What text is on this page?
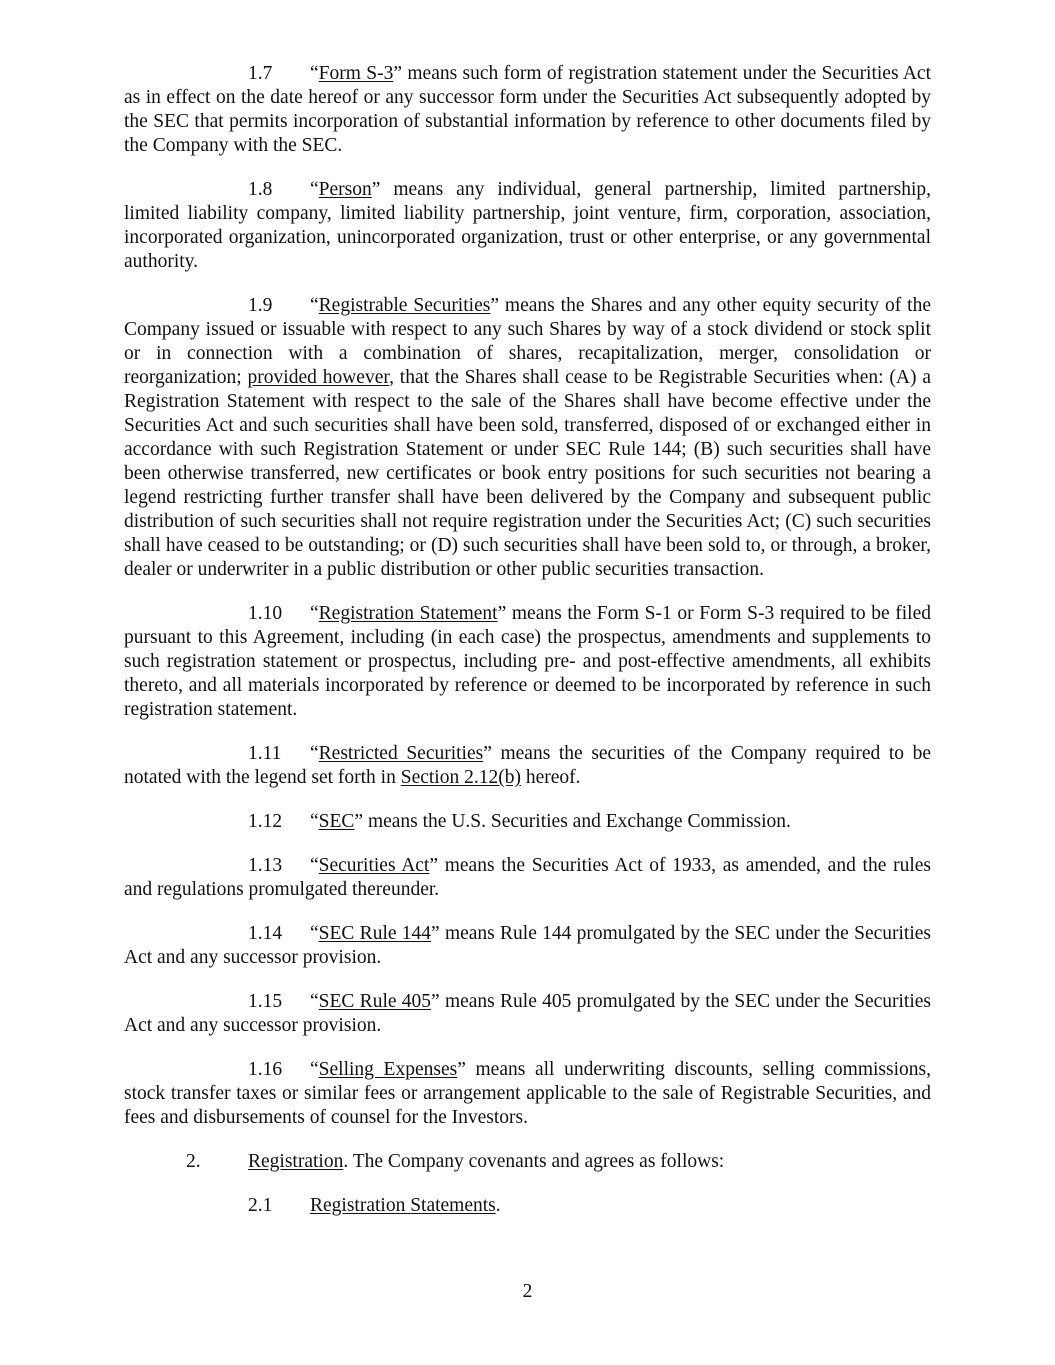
1.7 “Form S-3” means such form of registration statement under the Securities Act as in effect on the date hereof or any successor form under the Securities Act subsequently adopted by the SEC that permits incorporation of substantial information by reference to other documents filed by the Company with the SEC.

1.8 “Person” means any individual, general partnership, limited partnership, limited liability company, limited liability partnership, joint venture, firm, corporation, association, incorporated organization, unincorporated organization, trust or other enterprise, or any governmental authority.

1.9 “Registrable Securities” means the Shares and any other equity security of the Company issued or issuable with respect to any such Shares by way of a stock dividend or stock split or in connection with a combination of shares, recapitalization, merger, consolidation or reorganization; provided however, that the Shares shall cease to be Registrable Securities when: (A) a Registration Statement with respect to the sale of the Shares shall have become effective under the Securities Act and such securities shall have been sold, transferred, disposed of or exchanged either in accordance with such Registration Statement or under SEC Rule 144; (B) such securities shall have been otherwise transferred, new certificates or book entry positions for such securities not bearing a legend restricting further transfer shall have been delivered by the Company and subsequent public distribution of such securities shall not require registration under the Securities Act; (C) such securities shall have ceased to be outstanding; or (D) such securities shall have been sold to, or through, a broker, dealer or underwriter in a public distribution or other public securities transaction.

1.10 “Registration Statement” means the Form S-1 or Form S-3 required to be filed pursuant to this Agreement, including (in each case) the prospectus, amendments and supplements to such registration statement or prospectus, including pre- and post-effective amendments, all exhibits thereto, and all materials incorporated by reference or deemed to be incorporated by reference in such registration statement.

1.11 “Restricted Securities” means the securities of the Company required to be notated with the legend set forth in Section 2.12(b) hereof.

1.12 “SEC” means the U.S. Securities and Exchange Commission.

1.13 “Securities Act” means the Securities Act of 1933, as amended, and the rules and regulations promulgated thereunder.

1.14 “SEC Rule 144” means Rule 144 promulgated by the SEC under the Securities Act and any successor provision.

1.15 “SEC Rule 405” means Rule 405 promulgated by the SEC under the Securities Act and any successor provision.

1.16 “Selling Expenses” means all underwriting discounts, selling commissions, stock transfer taxes or similar fees or arrangement applicable to the sale of Registrable Securities, and fees and disbursements of counsel for the Investors.

2. Registration. The Company covenants and agrees as follows:
2.1 Registration Statements.
2
